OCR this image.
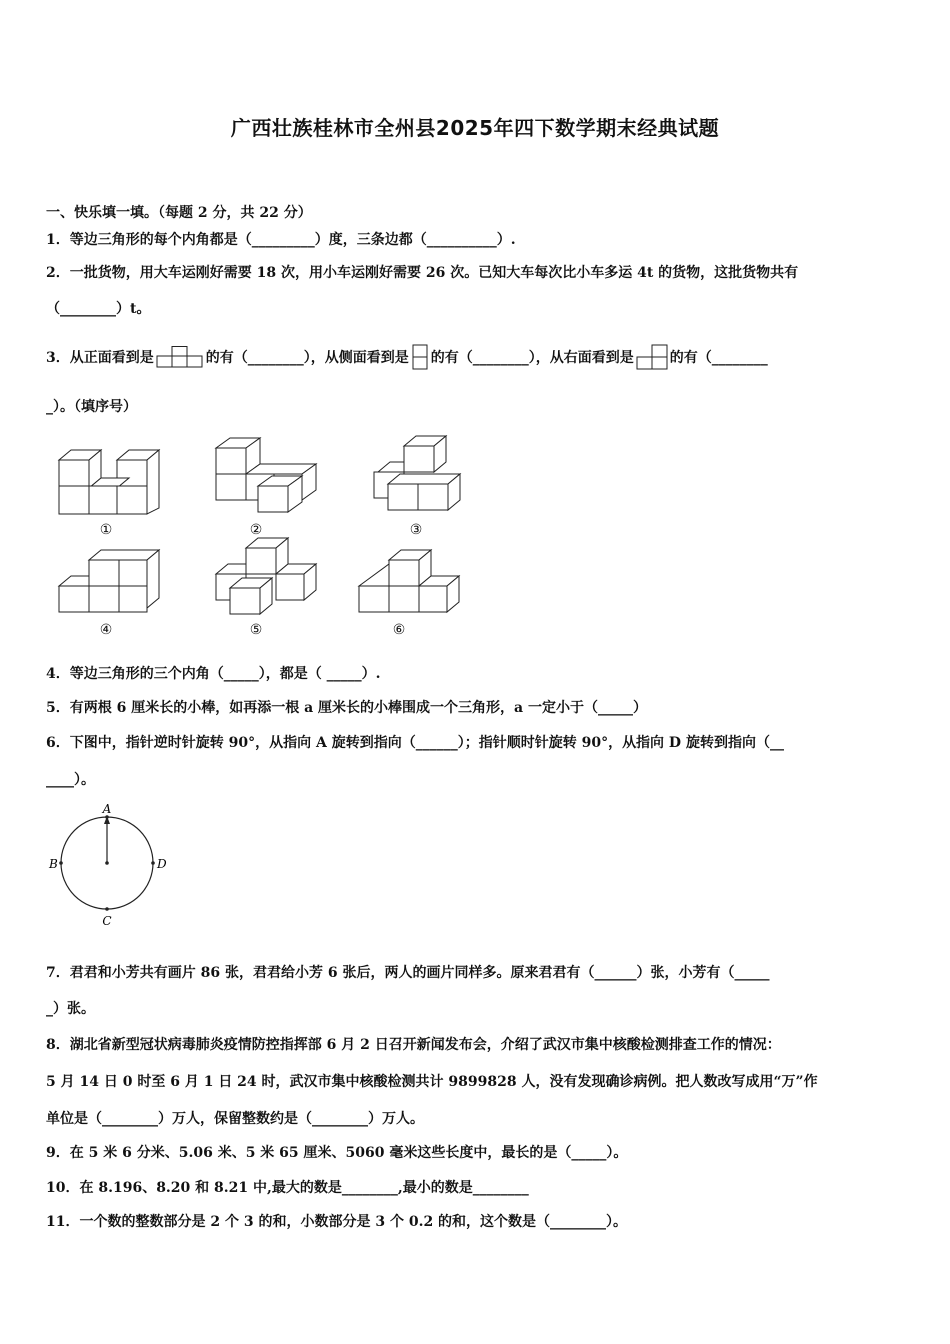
广西壮族桂林市全州县2025年四下数学期末经典试题
一、快乐填一填。（每题 2 分，共 22 分）
1．等边三角形的每个内角都是（_________）度，三条边都（__________）.
2．一批货物，用大车运刚好需要 18 次，用小车运刚好需要 26 次。已知大车每次比小车多运 4t 的货物，这批货物共有
（________）t。
3．从正面看到是	的有（________），从侧面看到是 的有（________），从右面看到是	的有（________
_）。（填序号）
①	②	③
④	⑤	⑥
4．等边三角形的三个内角（_____），都是（ _____）.
5．有两根 6 厘米长的小棒，如再添一根 a 厘米长的小棒围成一个三角形，a 一定小于（_____）
6．下图中，指针逆时针旋转 90°，从指向 A 旋转到指向（______）；指针顺时针旋转 90°，从指向 D 旋转到指向（__
____）。
A
B	D
C
7．君君和小芳共有画片 86 张，君君给小芳 6 张后，两人的画片同样多。原来君君有（______）张，小芳有（_____
_）张。
8．湖北省新型冠状病毒肺炎疫情防控指挥部 6 月 2 日召开新闻发布会，介绍了武汉市集中核酸检测排查工作的情况：
5 月 14 日 0 时至 6 月 1 日 24 时，武汉市集中核酸检测共计 9899828 人，没有发现确诊病例。把人数改写成用“万”作
单位是（________）万人，保留整数约是（________）万人。
9．在 5 米 6 分米、5.06 米、5 米 65 厘米、5060 毫米这些长度中，最长的是（_____）。
10．在 8.196、8.20 和 8.21 中,最大的数是________,最小的数是________
11．一个数的整数部分是 2 个 3 的和，小数部分是 3 个 0.2 的和，这个数是（________）。
